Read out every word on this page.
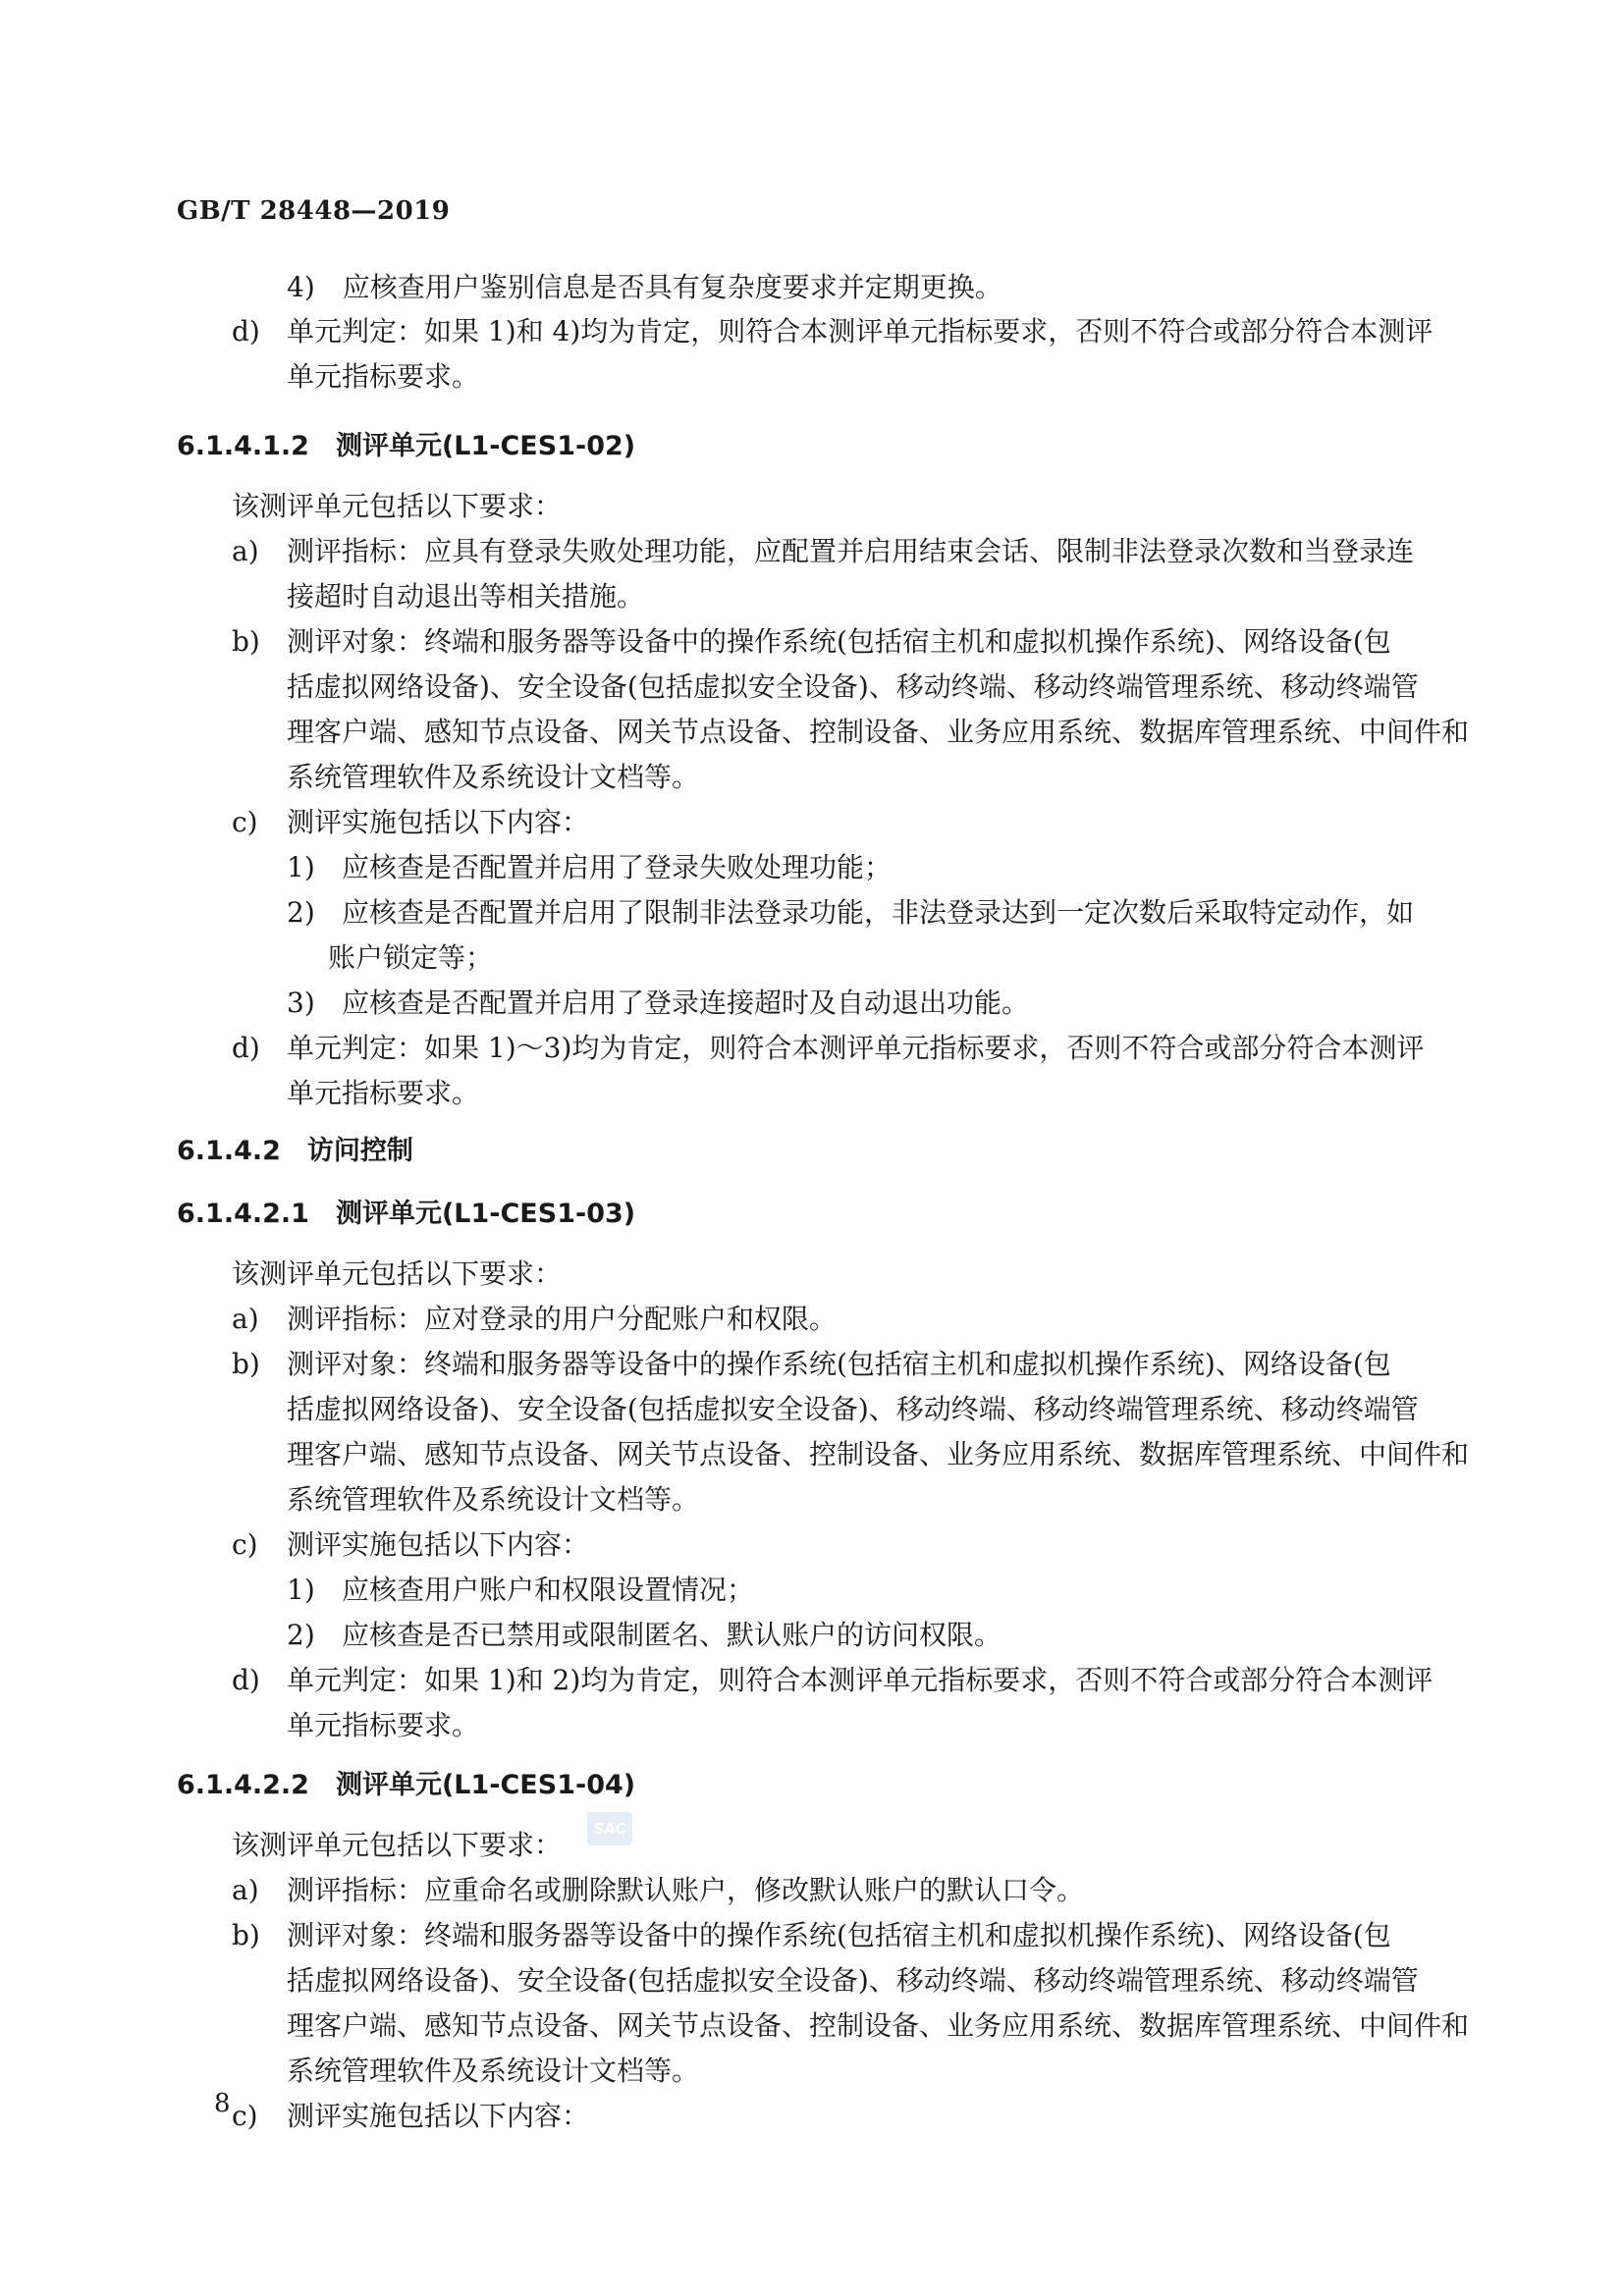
GB/T 28448—2019
4)　应核查用户鉴别信息是否具有复杂度要求并定期更换。
d) 单元判定：如果 1)和 4)均为肯定，则符合本测评单元指标要求，否则不符合或部分符合本测评
单元指标要求。
6.1.4.1.2　测评单元(L1-CES1-02)
该测评单元包括以下要求：
a) 测评指标：应具有登录失败处理功能，应配置并启用结束会话、限制非法登录次数和当登录连
接超时自动退出等相关措施。
b) 测评对象：终端和服务器等设备中的操作系统(包括宿主机和虚拟机操作系统)、网络设备(包
括虚拟网络设备)、安全设备(包括虚拟安全设备)、移动终端、移动终端管理系统、移动终端管
理客户端、感知节点设备、网关节点设备、控制设备、业务应用系统、数据库管理系统、中间件和
系统管理软件及系统设计文档等。
c) 测评实施包括以下内容：
1) 应核查是否配置并启用了登录失败处理功能；
2) 应核查是否配置并启用了限制非法登录功能，非法登录达到一定次数后采取特定动作，如
账户锁定等；
3) 应核查是否配置并启用了登录连接超时及自动退出功能。
d) 单元判定：如果 1)～3)均为肯定，则符合本测评单元指标要求，否则不符合或部分符合本测评
单元指标要求。
6.1.4.2　访问控制
6.1.4.2.1　测评单元(L1-CES1-03)
该测评单元包括以下要求：
a) 测评指标：应对登录的用户分配账户和权限。
b) 测评对象：终端和服务器等设备中的操作系统(包括宿主机和虚拟机操作系统)、网络设备(包
括虚拟网络设备)、安全设备(包括虚拟安全设备)、移动终端、移动终端管理系统、移动终端管
理客户端、感知节点设备、网关节点设备、控制设备、业务应用系统、数据库管理系统、中间件和
系统管理软件及系统设计文档等。
c) 测评实施包括以下内容：
1) 应核查用户账户和权限设置情况；
2) 应核查是否已禁用或限制匿名、默认账户的访问权限。
d) 单元判定：如果 1)和 2)均为肯定，则符合本测评单元指标要求，否则不符合或部分符合本测评
单元指标要求。
6.1.4.2.2　测评单元(L1-CES1-04)
该测评单元包括以下要求：
a) 测评指标：应重命名或删除默认账户，修改默认账户的默认口令。
b) 测评对象：终端和服务器等设备中的操作系统(包括宿主机和虚拟机操作系统)、网络设备(包
括虚拟网络设备)、安全设备(包括虚拟安全设备)、移动终端、移动终端管理系统、移动终端管
理客户端、感知节点设备、网关节点设备、控制设备、业务应用系统、数据库管理系统、中间件和
系统管理软件及系统设计文档等。
c) 测评实施包括以下内容：
SAC
8
